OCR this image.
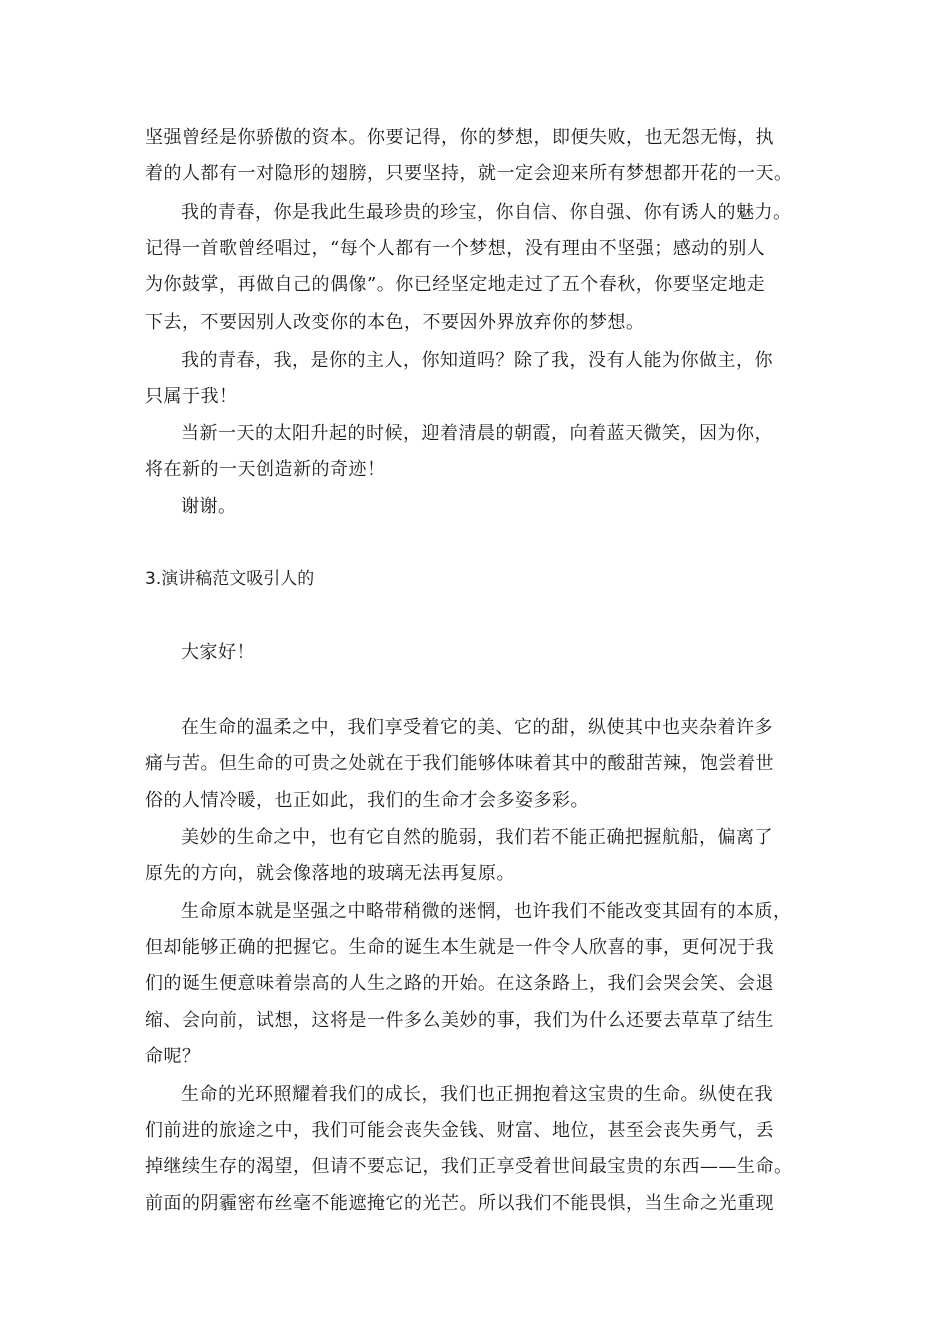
坚强曾经是你骄傲的资本。你要记得，你的梦想，即便失败，也无怨无悔，执
着的人都有一对隐形的翅膀，只要坚持，就一定会迎来所有梦想都开花的一天。
我的青春，你是我此生最珍贵的珍宝，你自信、你自强、你有诱人的魅力。
记得一首歌曾经唱过，“每个人都有一个梦想，没有理由不坚强；感动的别人
为你鼓掌，再做自己的偶像”。你已经坚定地走过了五个春秋，你要坚定地走
下去，不要因别人改变你的本色，不要因外界放弃你的梦想。
我的青春，我，是你的主人，你知道吗？除了我，没有人能为你做主，你
只属于我！
当新一天的太阳升起的时候，迎着清晨的朝霞，向着蓝天微笑，因为你，
将在新的一天创造新的奇迹！
谢谢。
3.演讲稿范文吸引人的
大家好！
在生命的温柔之中，我们享受着它的美、它的甜，纵使其中也夹杂着许多
痛与苦。但生命的可贵之处就在于我们能够体味着其中的酸甜苦辣，饱尝着世
俗的人情冷暖，也正如此，我们的生命才会多姿多彩。
美妙的生命之中，也有它自然的脆弱，我们若不能正确把握航船，偏离了
原先的方向，就会像落地的玻璃无法再复原。
生命原本就是坚强之中略带稍微的迷惘，也许我们不能改变其固有的本质，
但却能够正确的把握它。生命的诞生本生就是一件令人欣喜的事，更何况于我
们的诞生便意味着崇高的人生之路的开始。在这条路上，我们会哭会笑、会退
缩、会向前，试想，这将是一件多么美妙的事，我们为什么还要去草草了结生
命呢？
生命的光环照耀着我们的成长，我们也正拥抱着这宝贵的生命。纵使在我
们前进的旅途之中，我们可能会丧失金钱、财富、地位，甚至会丧失勇气，丢
掉继续生存的渴望，但请不要忘记，我们正享受着世间最宝贵的东西——生命。
前面的阴霾密布丝毫不能遮掩它的光芒。所以我们不能畏惧，当生命之光重现
